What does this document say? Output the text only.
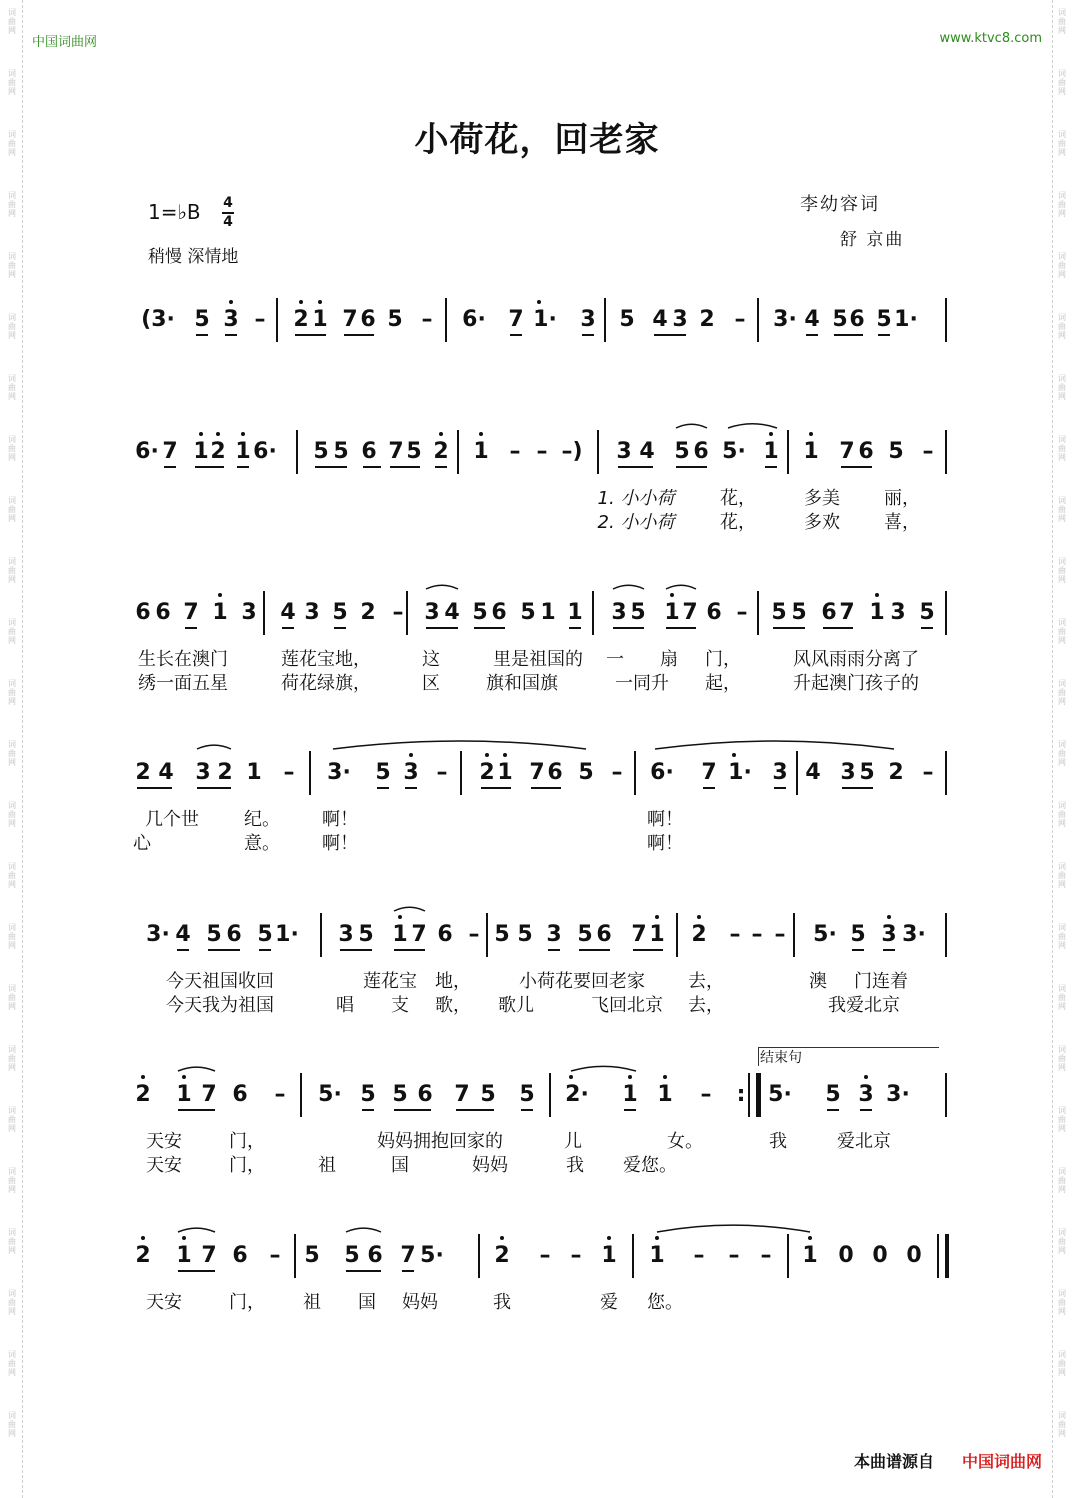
词
曲
网
词
曲
网
词
曲
网
词
曲
网
词
曲
网
词
曲
网
词
曲
网
词
曲
网
词
曲
网
词
曲
网
词
曲
网
词
曲
网
词
曲
网
词
曲
网
词
曲
网
词
曲
网
词
曲
网
词
曲
网
词
曲
网
词
曲
网
词
曲
网
词
曲
网
词
曲
网
词
曲
网
词
曲
网
词
曲
网
词
曲
网
词
曲
网
词
曲
网
词
曲
网
词
曲
网
词
曲
网
词
曲
网
词
曲
网
词
曲
网
词
曲
网
词
曲
网
词
曲
网
词
曲
网
词
曲
网
词
曲
网
词
曲
网
词
曲
网
词
曲
网
词
曲
网
词
曲
网
词
曲
网
词
曲
网
中国词曲网	www.ktvc8.com
小荷花，回老家
1=♭B 4
4
稍慢 深情地
李幼容词
舒 京曲
(3· 5 3 – 2 1 7 6 5 – 6· 7 1· 3 5 4 3 2 – 3· 4 5 6 5 1·
6· 7 1 2 1 6· 5 5 6 7 5 2 1 – – –) 3 4 5 6 5· 1 1 7 6 5 –
1. 小小荷	花，	多美 丽，
2. 小小荷	花，	多欢 喜，
6 6 7 1 3 4 3 5 2 – 3 4 5 6 5 1 1 3 5 1 7 6 – 5 5 6 7 1 3 5
生长在澳门	莲花宝地，	这	里是祖国的 一 扇 门，	风风雨雨分离了
绣一面五星	荷花绿旗，	区	旗和国旗	一同升 起，	升起澳门孩子的
2 4 3 2 1 – 3· 5 3 – 2 1 7 6 5 – 6· 7 1· 3 4 3 5 2 –
几个世	纪。 啊！	啊！
心	意。 啊！	啊！
3· 4 5 6 5 1· 3 5 1 7 6 – 5 5 3 5 6 7 1 2 – – – 5· 5 3 3·
今天祖国收回	莲花宝 地，	小荷花要回老家 去，	澳 门连着
今天我为祖国	唱 支 歌， 歌儿	飞回北京 去，	我爱北京
2 1 7 6 – 5· 5 5 6 7 5 5 2· 1 1 – : 5· 5 3 3·
天安	门，	妈妈拥抱回家的	儿	女。	我	爱北京
天安	门，	祖	国	妈妈	我 爱您。
2 1 7 6 – 5 5 6 7 5· 2 – – 1 1 – – – 1 0 0 0
天安	门， 祖 国 妈妈	我	爱 您。
结束句
本曲谱源自 中国词曲网
